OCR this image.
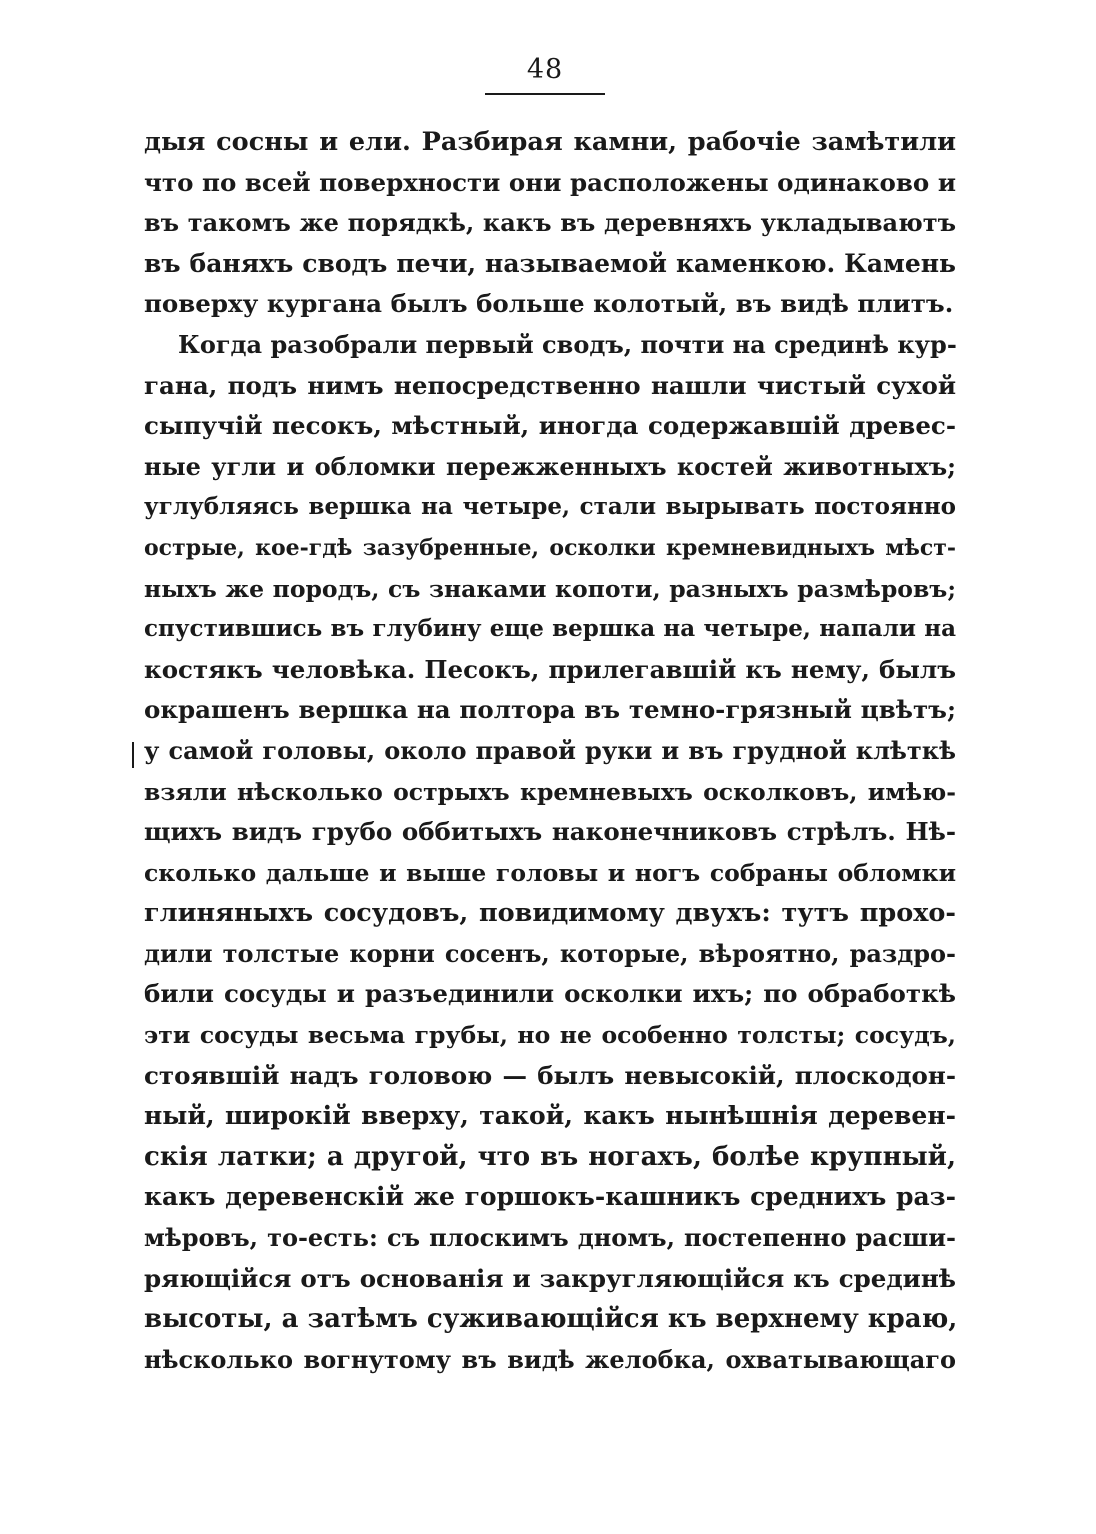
48
дыя сосны и ели. Разбирая камни, рабочіе замѣтили
что по всей поверхности они расположены одинаково и
въ такомъ же порядкѣ, какъ въ деревняхъ укладываютъ
въ баняхъ сводъ печи, называемой каменкою. Камень
поверху кургана былъ больше колотый, въ видѣ плитъ.
Когда разобрали первый сводъ, почти на срединѣ кур-
гана, подъ нимъ непосредственно нашли чистый сухой
сыпучій песокъ, мѣстный, иногда содержавшій древес-
ные угли и обломки пережженныхъ костей животныхъ;
углубляясь вершка на четыре, стали вырывать постоянно
острые, кое-гдѣ зазубренные, осколки кремневидныхъ мѣст-
ныхъ же породъ, съ знаками копоти, разныхъ размѣровъ;
спустившись въ глубину еще вершка на четыре, напали на
костякъ человѣка. Песокъ, прилегавшій къ нему, былъ
окрашенъ вершка на полтора въ темно-грязный цвѣтъ;
у самой головы, около правой руки и въ грудной клѣткѣ
взяли нѣсколько острыхъ кремневыхъ осколковъ, имѣю-
щихъ видъ грубо оббитыхъ наконечниковъ стрѣлъ. Нѣ-
сколько дальше и выше головы и ногъ собраны обломки
глиняныхъ сосудовъ, повидимому двухъ: тутъ прохо-
дили толстые корни сосенъ, которые, вѣроятно, раздро-
били сосуды и разъединили осколки ихъ; по обработкѣ
эти сосуды весьма грубы, но не особенно толсты; сосудъ,
стоявшій надъ головою — былъ невысокій, плоскодон-
ный, широкій вверху, такой, какъ нынѣшнія деревен-
скія латки; а другой, что въ ногахъ, болѣе крупный,
какъ деревенскій же горшокъ-кашникъ среднихъ раз-
мѣровъ, то-есть: съ плоскимъ дномъ, постепенно расши-
ряющійся отъ основанія и закругляющійся къ срединѣ
высоты, а затѣмъ суживающійся къ верхнему краю,
нѣсколько вогнутому въ видѣ желобка, охватывающаго
